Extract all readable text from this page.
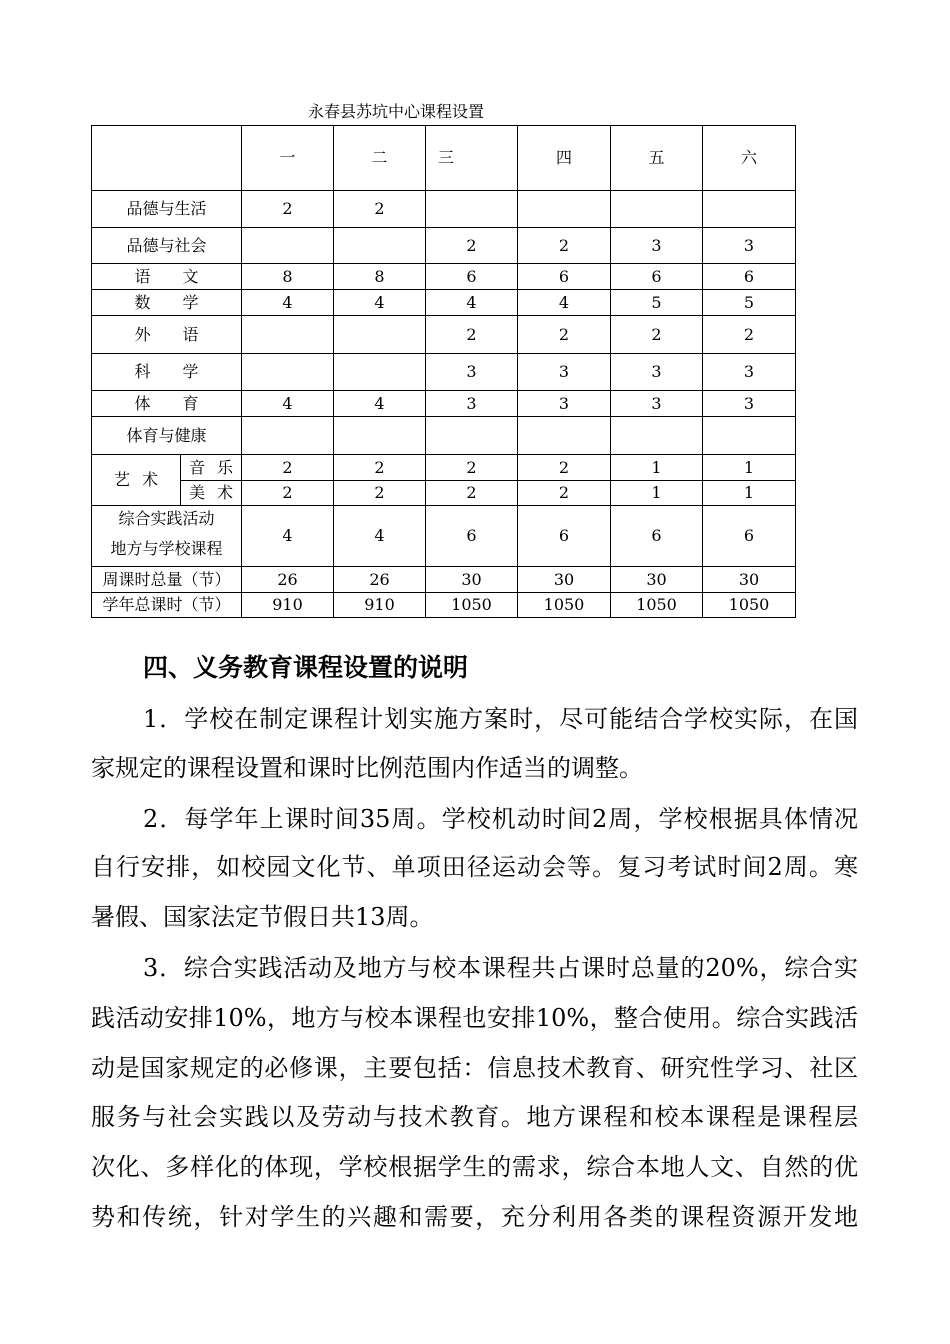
永春县苏坑中心课程设置
		一	二	三	四	五	六
品德与生活		2	2				
品德与社会				2	2	3	3
语　　文		8	8	6	6	6	6
数　　学		4	4	4	4	5	5
外　　语				2	2	2	2
科　　学				3	3	3	3
体　　育		4	4	3	3	3	3
体育与健康							
艺 术	音 乐	2	2	2	2	1	1
	美 术	2	2	2	2	1	1
综合实践活动		4	4	6	6	6	6
地方与学校课程							
周课时总量（节）		26	26	30	30	30	30
学年总课时（节）		910	910	1050	1050	1050	1050
四、义务教育课程设置的说明
1．学校在制定课程计划实施方案时，尽可能结合学校实际，在国
家规定的课程设置和课时比例范围内作适当的调整。
2．每学年上课时间35周。学校机动时间2周，学校根据具体情况
自行安排，如校园文化节、单项田径运动会等。复习考试时间2周。寒
暑假、国家法定节假日共13周。
3．综合实践活动及地方与校本课程共占课时总量的20%，综合实
践活动安排10%，地方与校本课程也安排10%，整合使用。综合实践活
动是国家规定的必修课，主要包括：信息技术教育、研究性学习、社区
服务与社会实践以及劳动与技术教育。地方课程和校本课程是课程层
次化、多样化的体现，学校根据学生的需求，综合本地人文、自然的优
势和传统，针对学生的兴趣和需要，充分利用各类的课程资源开发地
